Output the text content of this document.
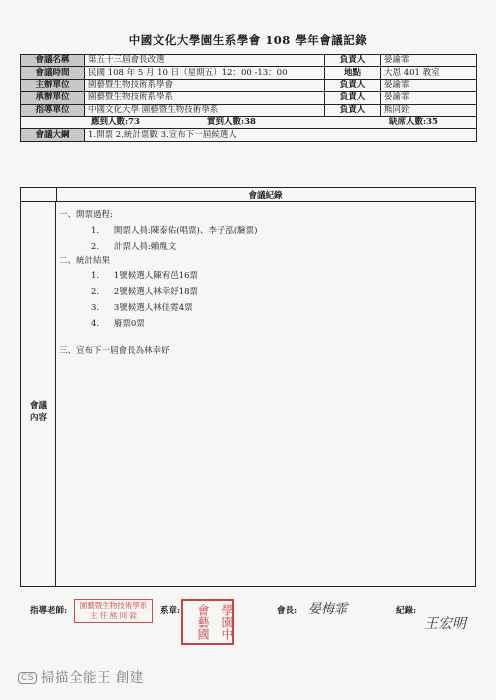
中國文化大學園生系學會 108 學年會議記錄
會議名稱	第五十三屆會長改選	負責人	晏諭霏
會議時間	民國 108 年 5 月 10 日（星期五）12：00 -13：00	地點	大恩 401 教室
主辦單位	園藝暨生物技術系學會	負責人	晏諭霏
承辦單位	園藝暨生物技術系學系	負責人	晏諭霏
指導單位	中國文化大學 園藝暨生物技術學系	負責人	熊同銓

應到人數:73 實到人數:38 缺席人數:35			

會議大綱	1.開票 2.統計票數 3.宣布下一屆候選人		
會議紀錄
會議
內容
一、開票過程:
1. 開票人員:陳泰佑(唱票)、李子泓(驗票)
2. 計票人員:賴胤文
二、統計結果
1. 1號候選人陳宥邑16票
2. 2號候選人林幸妤18票
3. 3號候選人林佳霓4票
4. 廢票0票
三、宣布下一屆會長為林幸妤
指導老師:
園藝暨生物技術學系
主 任 熊 同 銓	系章:	學園中
會藝國	會長: 晏梅霏	紀錄:
王宏明
CS 掃描全能王 創建
